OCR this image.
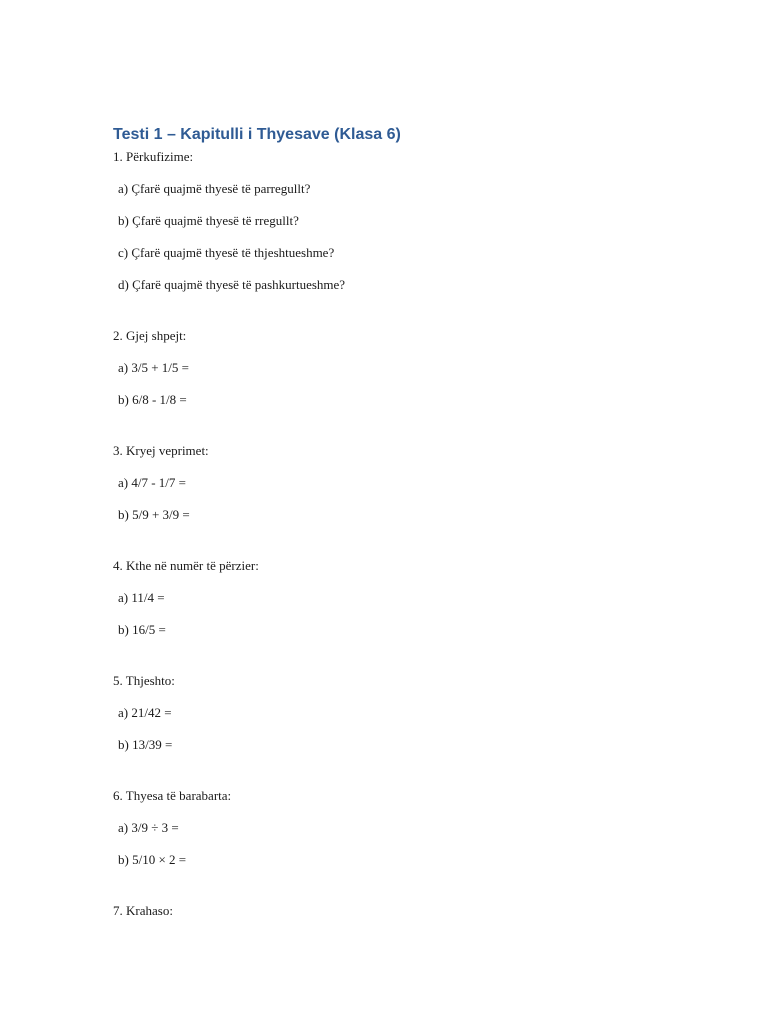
Testi 1 – Kapitulli i Thyesave (Klasa 6)
1. Përkufizime:
a) Çfarë quajmë thyesë të parregullt?
b) Çfarë quajmë thyesë të rregullt?
c) Çfarë quajmë thyesë të thjeshtueshme?
d) Çfarë quajmë thyesë të pashkurtueshme?
2. Gjej shpejt:
a) 3/5 + 1/5 =
b) 6/8 - 1/8 =
3. Kryej veprimet:
a) 4/7 - 1/7 =
b) 5/9 + 3/9 =
4. Kthe në numër të përzier:
a) 11/4 =
b) 16/5 =
5. Thjeshto:
a) 21/42 =
b) 13/39 =
6. Thyesa të barabarta:
a) 3/9 ÷ 3 =
b) 5/10 × 2 =
7. Krahaso:
